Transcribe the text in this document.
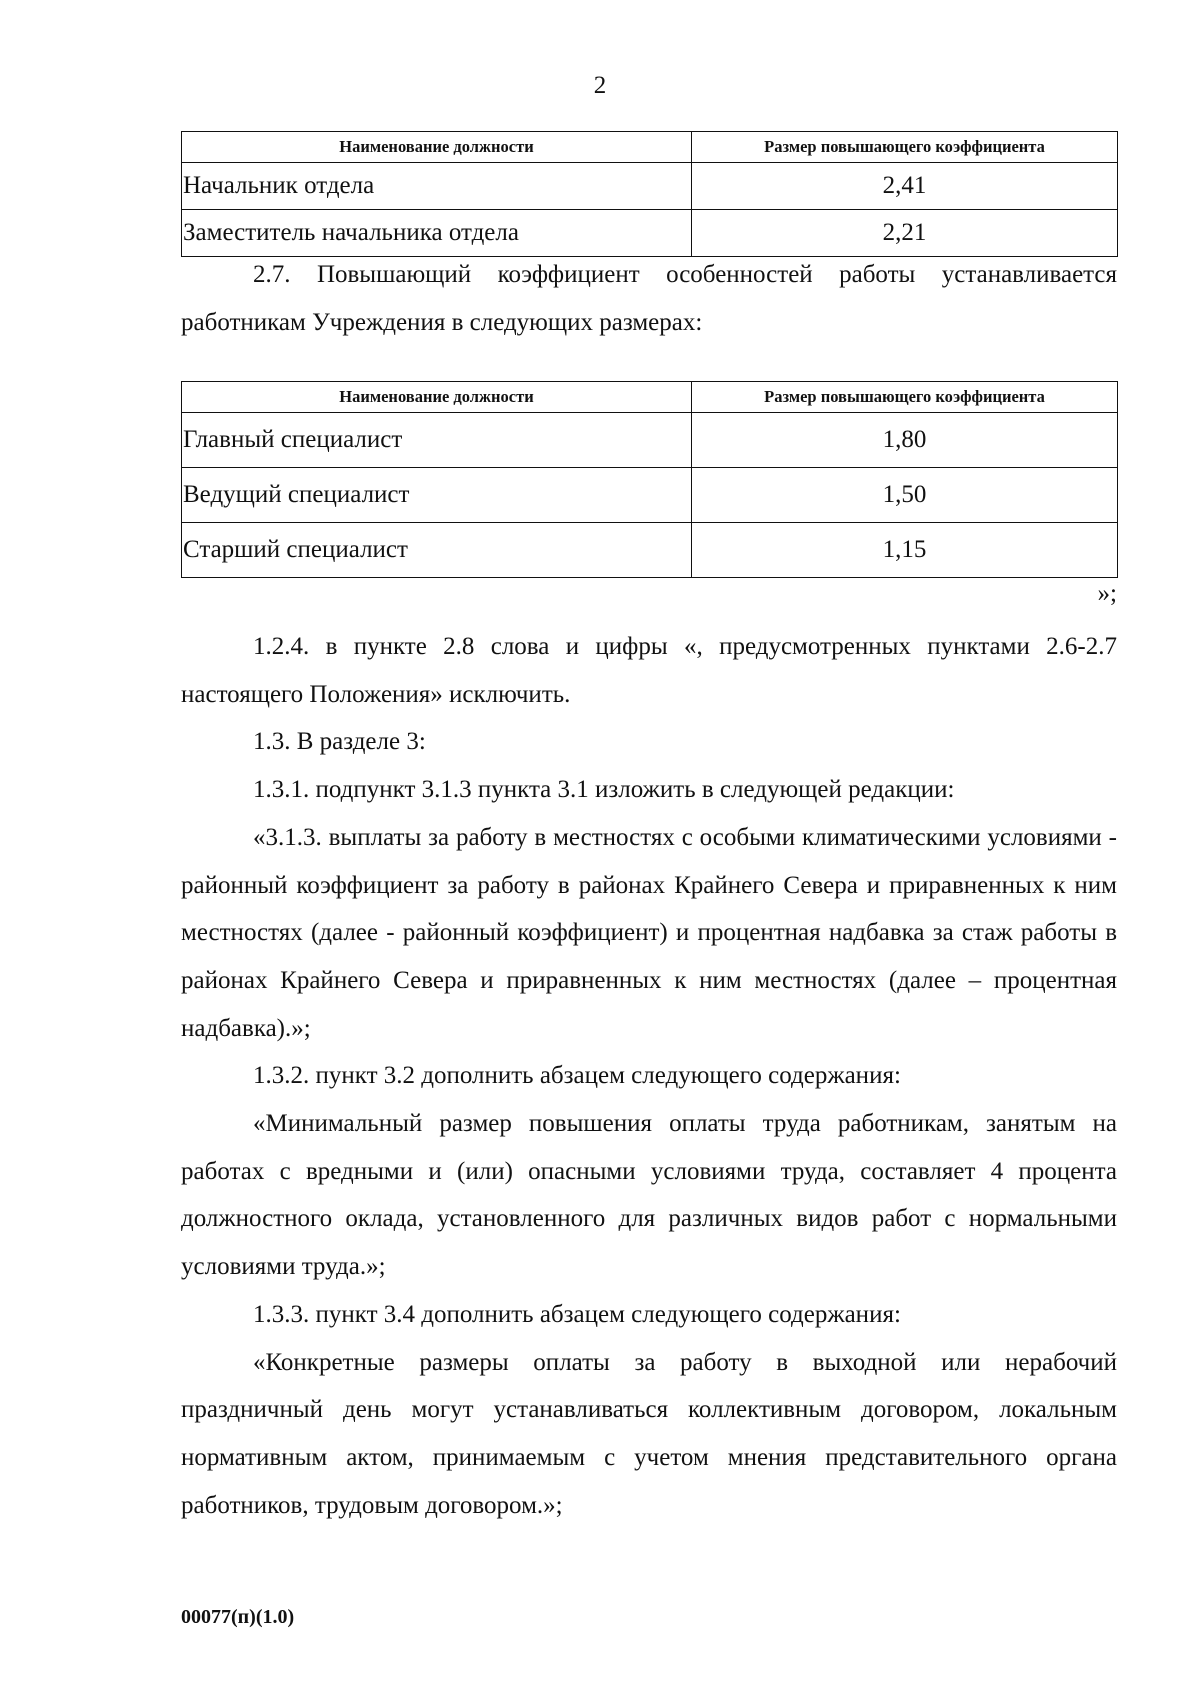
2
Наименование должности	Размер повышающего коэффициента
Начальник отдела	2,41
Заместитель начальника отдела	2,21

2.7. Повышающий коэффициент особенностей работы устанавливается работникам Учреждения в следующих размерах:

Наименование должности	Размер повышающего коэффициента
Главный специалист	1,80
Ведущий специалист	1,50
Старший специалист	1,15
»;

1.2.4. в пункте 2.8 слова и цифры «, предусмотренных пунктами 2.6-2.7 настоящего Положения» исключить.

1.3. В разделе 3:

1.3.1. подпункт 3.1.3 пункта 3.1 изложить в следующей редакции:

«3.1.3. выплаты за работу в местностях с особыми климатическими условиями - районный коэффициент за работу в районах Крайнего Севера и приравненных к ним местностях (далее - районный коэффициент) и процентная надбавка за стаж работы в районах Крайнего Севера и приравненных к ним местностях (далее – процентная надбавка).»;

1.3.2. пункт 3.2 дополнить абзацем следующего содержания:

«Минимальный размер повышения оплаты труда работникам, занятым на работах с вредными и (или) опасными условиями труда, составляет 4 процента должностного оклада, установленного для различных видов работ с нормальными условиями труда.»;

1.3.3. пункт 3.4 дополнить абзацем следующего содержания:

«Конкретные размеры оплаты за работу в выходной или нерабочий праздничный день могут устанавливаться коллективным договором, локальным нормативным актом, принимаемым с учетом мнения представительного органа работников, трудовым договором.»;

00077(п)(1.0)
